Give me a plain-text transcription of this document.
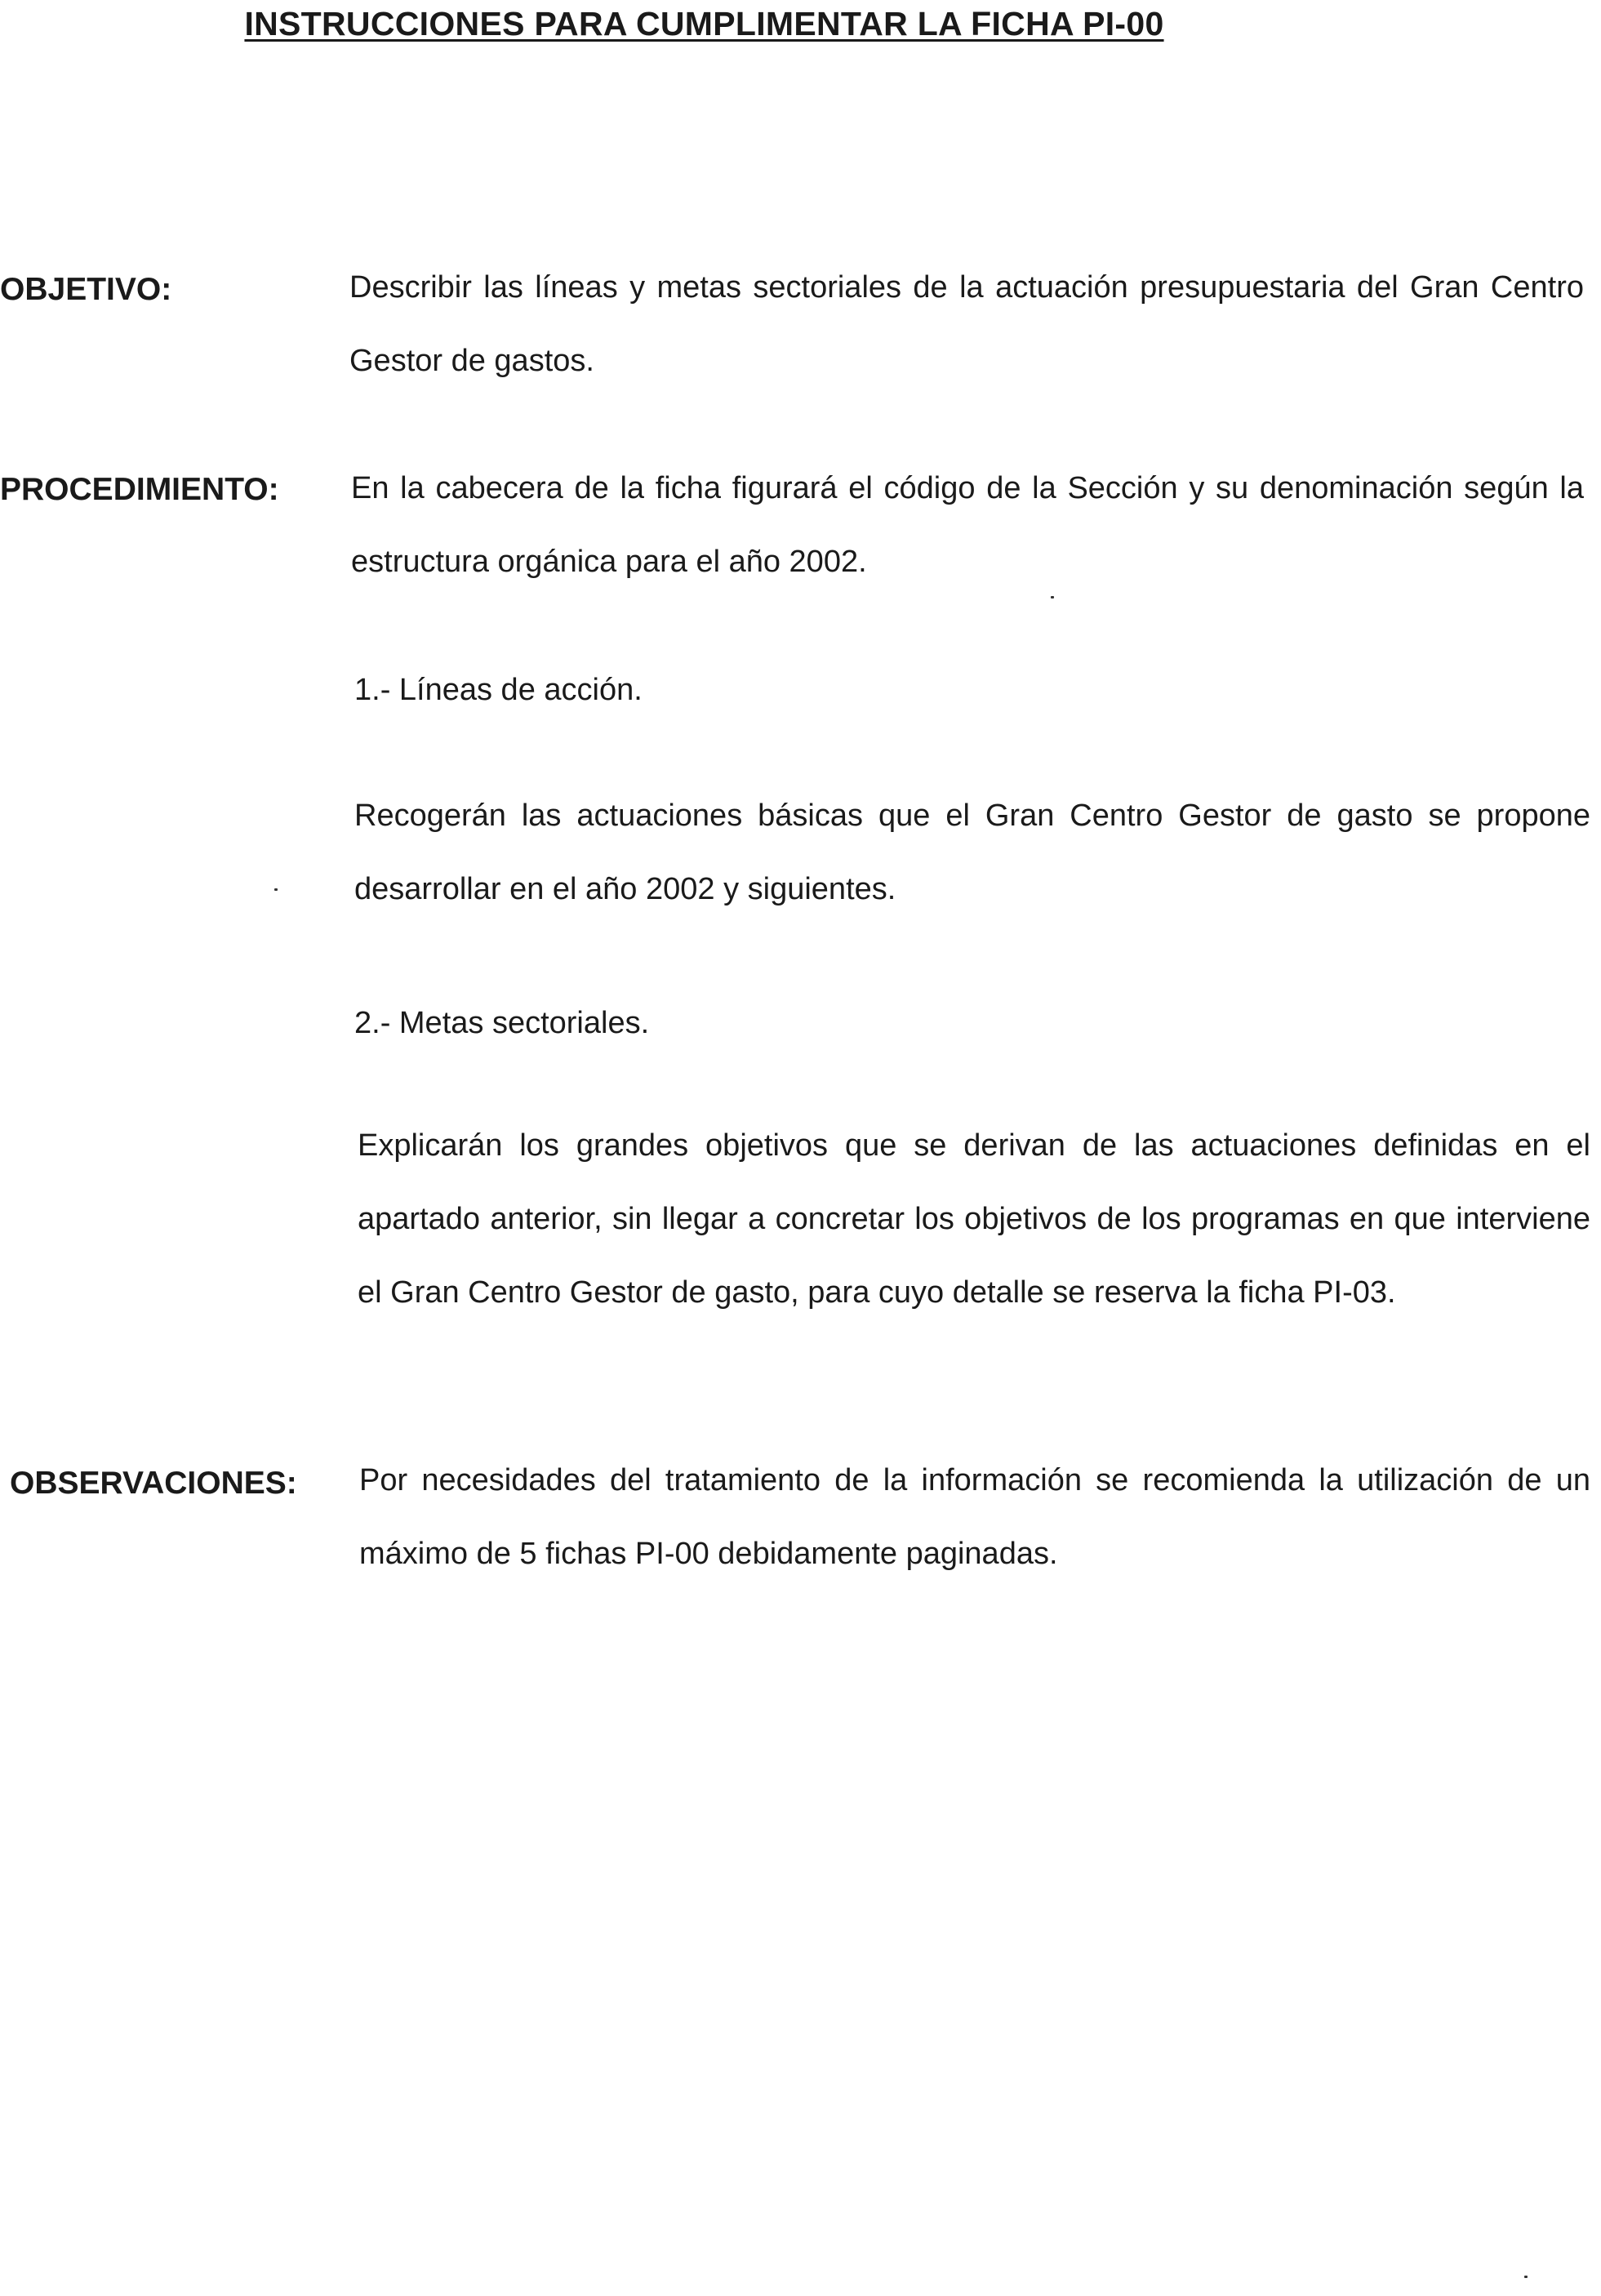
INSTRUCCIONES PARA CUMPLIMENTAR LA FICHA PI-00
OBJETIVO:	Describir las líneas y metas sectoriales de la actuación presupuestaria del Gran Centro Gestor de gastos.

PROCEDIMIENTO: En la cabecera de la ficha figurará el código de la Sección y su denominación según la estructura orgánica para el año 2002.

1.- Líneas de acción.

Recogerán las actuaciones básicas que el Gran Centro Gestor de gasto se propone desarrollar en el año 2002 y siguientes.

2.- Metas sectoriales.

Explicarán los grandes objetivos que se derivan de las actuaciones definidas en el apartado anterior, sin llegar a concretar los objetivos de los programas en que interviene el Gran Centro Gestor de gasto, para cuyo detalle se reserva la ficha PI-03.

OBSERVACIONES: Por necesidades del tratamiento de la información se recomienda la utilización de un máximo de 5 fichas PI-00 debidamente paginadas.
